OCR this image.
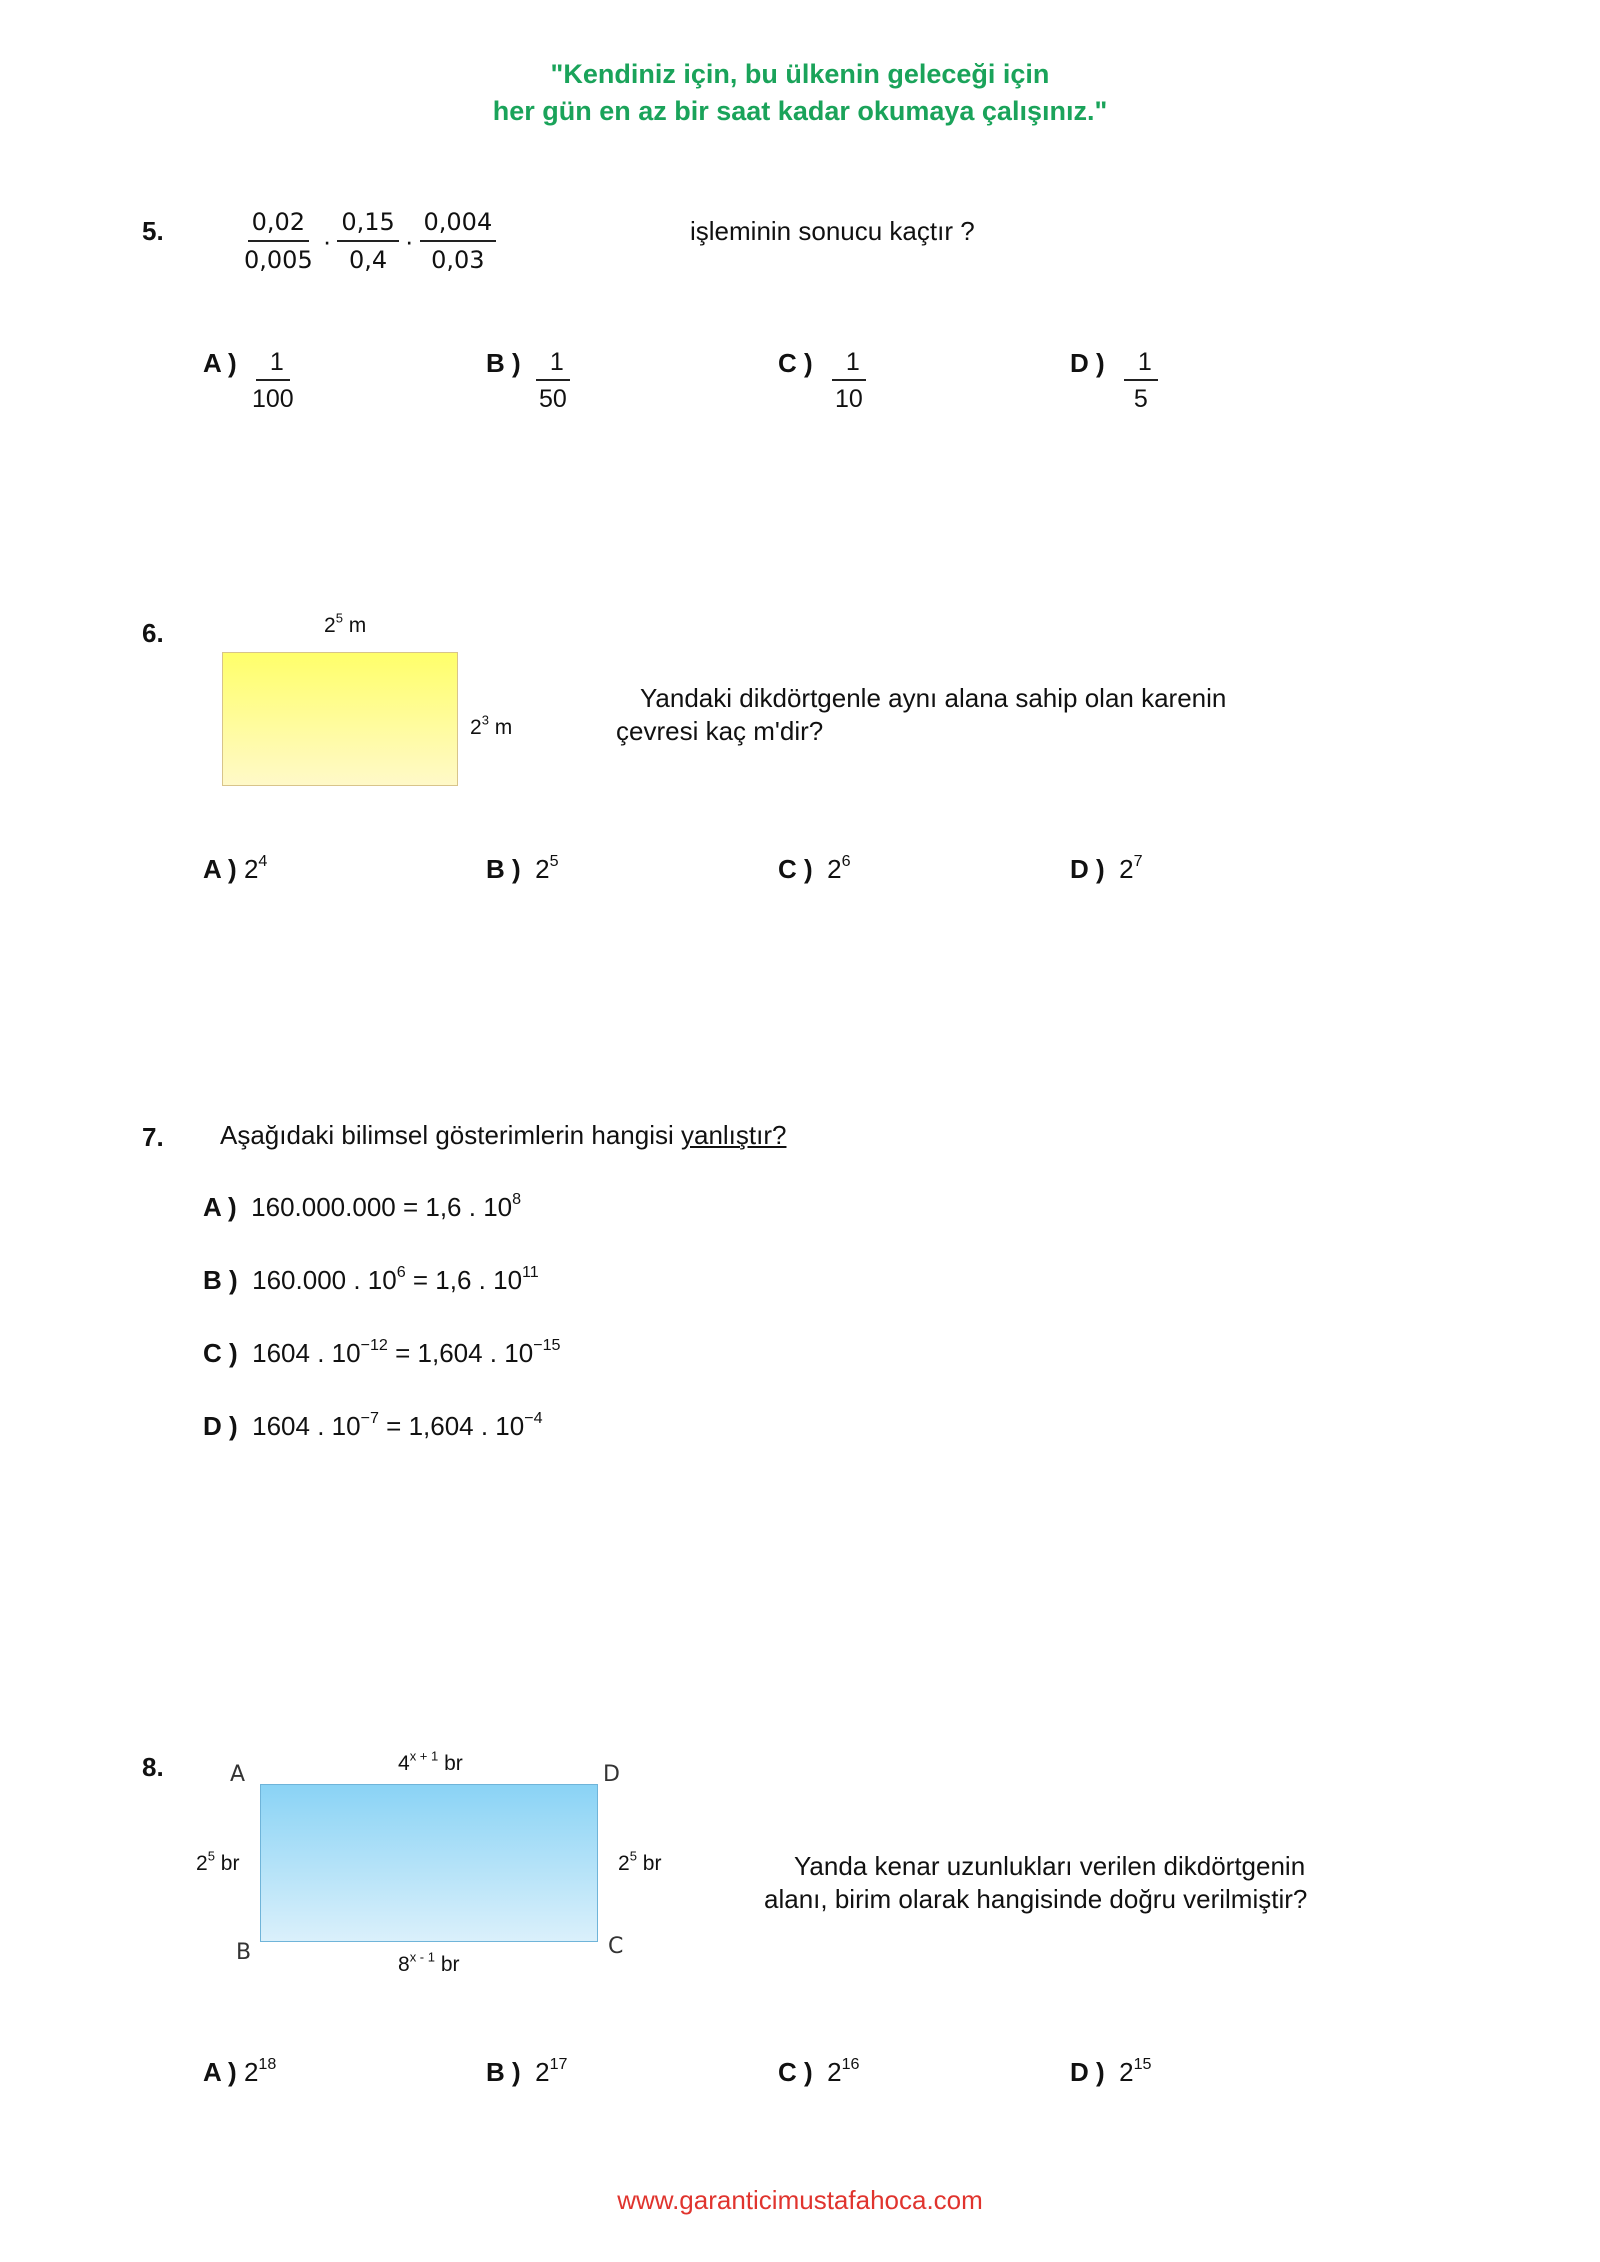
"Kendiniz için, bu ülkenin geleceği için
her gün en az bir saat kadar okumaya çalışınız."
5.	$\frac{0,02}{0,005} \cdot \frac{0,15}{0,4} \cdot \frac{0,004}{0,03}$	işleminin sonucu kaçtır ?
A ) $\frac{1}{100}$	B ) $\frac{1}{50}$	C ) $\frac{1}{10}$	D ) $\frac{1}{5}$
6.	$2^5$ m
$2^3$ m
Yandaki dikdörtgenle aynı alana sahip olan karenin
çevresi kaç m'dir?
A ) $2^4$	B ) $2^5$	C ) $2^6$	D ) $2^7$
7. Aşağıdaki bilimsel gösterimlerin hangisi yanlıştır?
A ) 160.000.000 = 1,6 . $10^8$
B ) 160.000 . $10^6 = 1,6$ . $10^{11}$
C ) 1604 . $10^{-12} = 1,604$ . $10^{-15}$
D ) 1604 . $10^{-7} = 1,604$ . $10^{-4}$
8.	A	D
B	C
$4^{x + 1}$ br
$2^5$ br	$2^5$ br
8$^{x - 1}$ br
Yanda kenar uzunlukları verilen dikdörtgenin
alanı, birim olarak hangisinde doğru verilmiştir?
A ) $2^{18}$	B ) $2^{17}$	C ) $2^{16}$	D ) $2^{15}$
www.garanticimustafahoca.com
